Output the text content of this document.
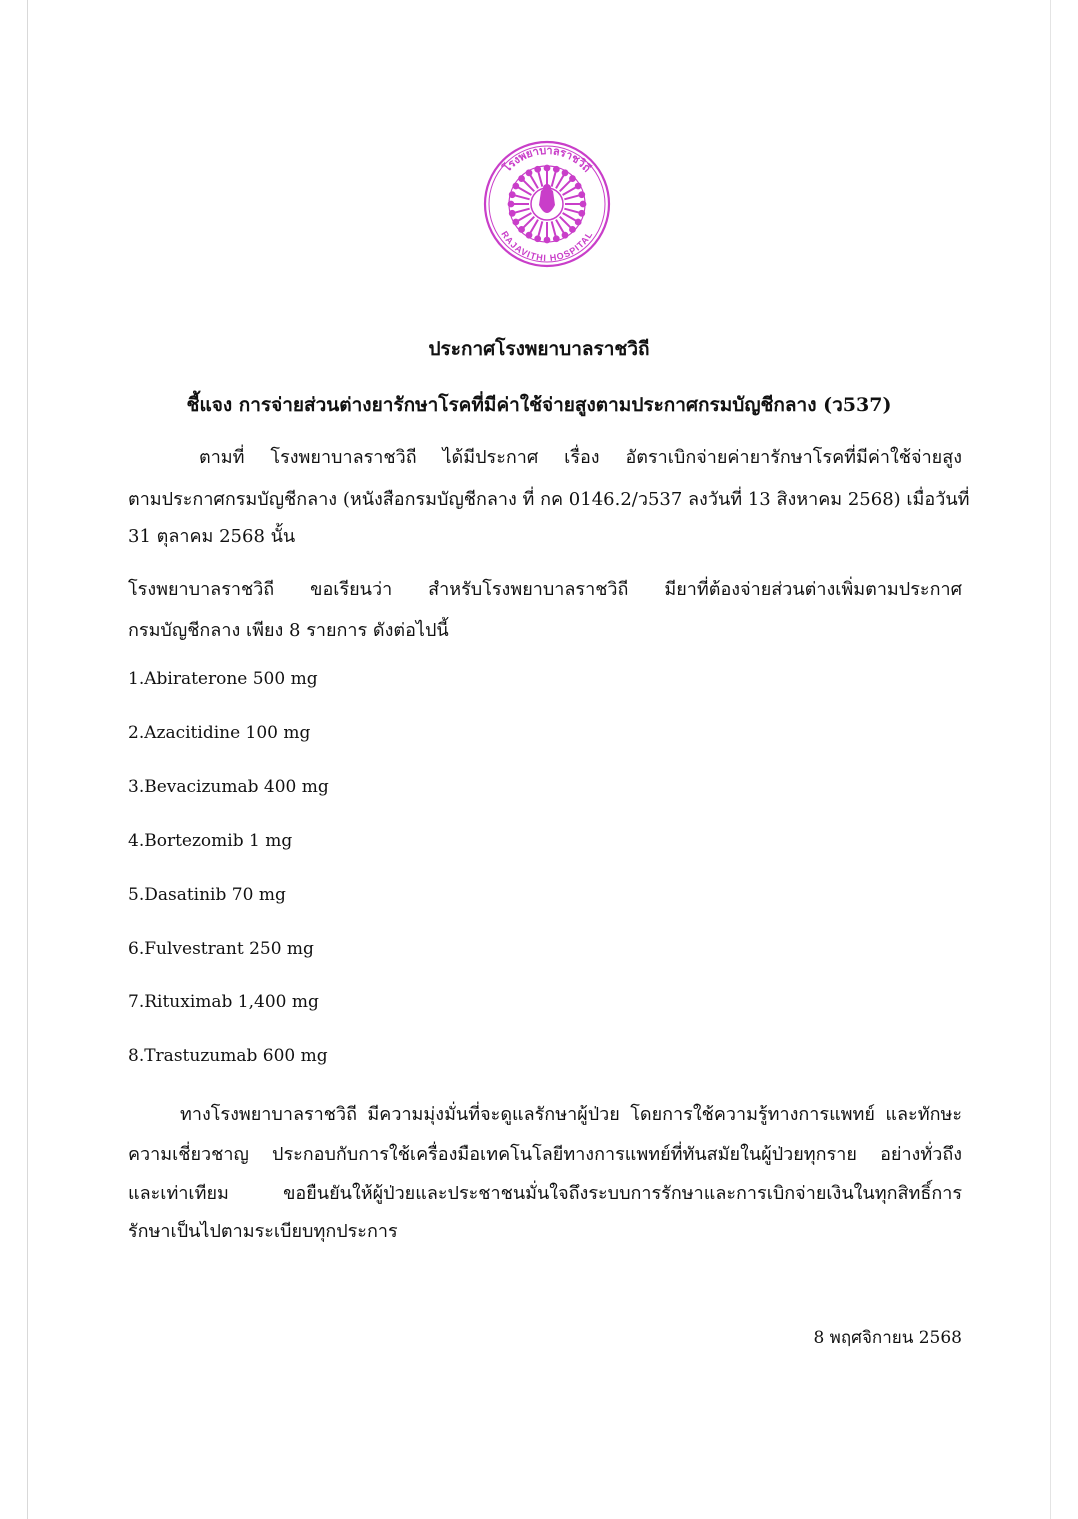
โรงพยาบาลราชวิถี
RAJAVITHI HOSPITAL
ประกาศโรงพยาบาลราชวิถี
ชี้แจง การจ่ายส่วนต่างยารักษาโรคที่มีค่าใช้จ่ายสูงตามประกาศกรมบัญชีกลาง (ว537)
ตามที่ โรงพยาบาลราชวิถี ได้มีประกาศ เรื่อง อัตราเบิกจ่ายค่ายารักษาโรคที่มีค่าใช้จ่ายสูง
ตามประกาศกรมบัญชีกลาง (หนังสือกรมบัญชีกลาง ที่ กค 0146.2/ว537 ลงวันที่ 13 สิงหาคม 2568) เมื่อวันที่
31 ตุลาคม 2568 นั้น
โรงพยาบาลราชวิถี ขอเรียนว่า สำหรับโรงพยาบาลราชวิถี มียาที่ต้องจ่ายส่วนต่างเพิ่มตามประกาศ
กรมบัญชีกลาง เพียง 8 รายการ ดังต่อไปนี้
1.Abiraterone 500 mg
2.Azacitidine 100 mg
3.Bevacizumab 400 mg
4.Bortezomib 1 mg
5.Dasatinib 70 mg
6.Fulvestrant 250 mg
7.Rituximab 1,400 mg
8.Trastuzumab 600 mg
ทางโรงพยาบาลราชวิถี มีความมุ่งมั่นที่จะดูแลรักษาผู้ป่วย โดยการใช้ความรู้ทางการแพทย์ และทักษะ
ความเชี่ยวชาญ ประกอบกับการใช้เครื่องมือเทคโนโลยีทางการแพทย์ที่ทันสมัยในผู้ป่วยทุกราย อย่างทั่วถึง
และเท่าเทียม ขอยืนยันให้ผู้ป่วยและประชาชนมั่นใจถึงระบบการรักษาและการเบิกจ่ายเงินในทุกสิทธิ์การ
รักษาเป็นไปตามระเบียบทุกประการ
8 พฤศจิกายน 2568
